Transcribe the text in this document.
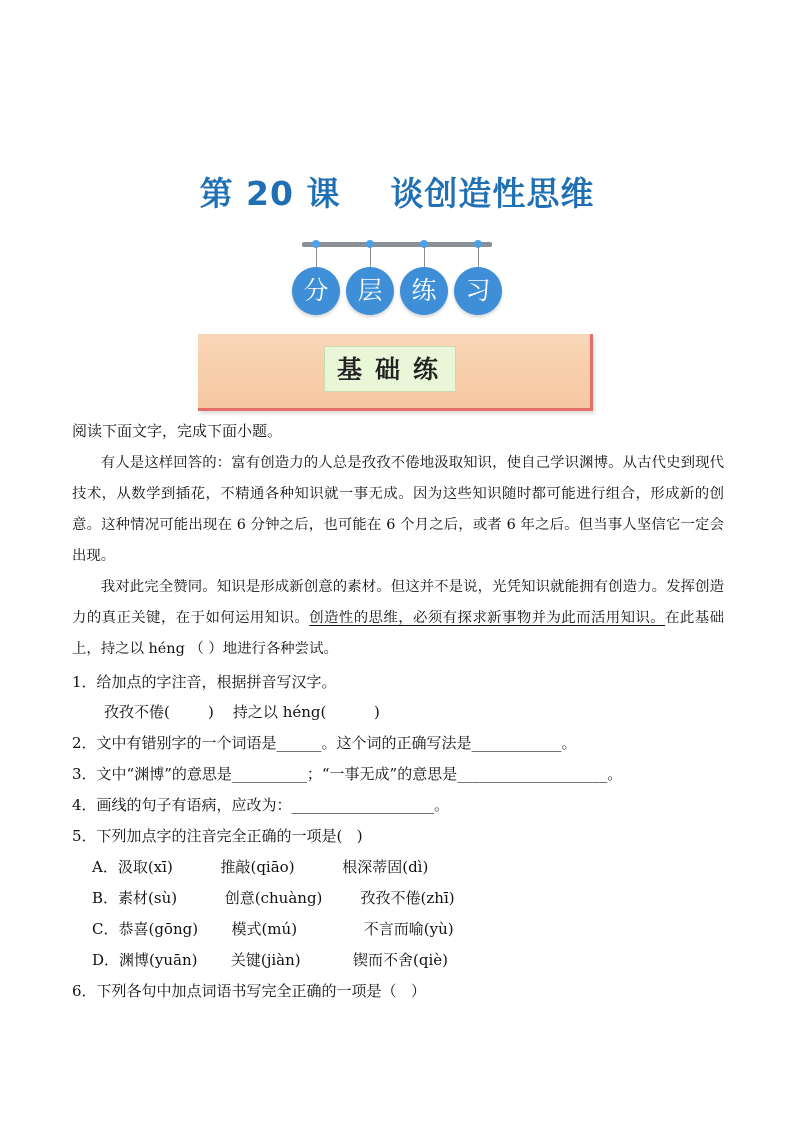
第 20 课    谈创造性思维
分	层	练	习
基础练
阅读下面文字，完成下面小题。
有人是这样回答的：富有创造力的人总是孜孜不倦地汲取知识，使自己学识渊博。从古代史到现代技术，从数学到插花，不精通各种知识就一事无成。因为这些知识随时都可能进行组合，形成新的创意。这种情况可能出现在 6 分钟之后，也可能在 6 个月之后，或者 6 年之后。但当事人坚信它一定会出现。
我对此完全赞同。知识是形成新创意的素材。但这并不是说，光凭知识就能拥有创造力。发挥创造力的真正关键，在于如何运用知识。创造性的思维，必须有探求新事物并为此而活用知识。在此基础上，持之以 héng （ ）地进行各种尝试。
1．给加点的字注音，根据拼音写汉字。
孜孜不倦(        )    持之以 héng(          )
2．文中有错别字的一个词语是______。这个词的正确写法是____________。
3．文中“渊博”的意思是__________；“一事无成”的意思是____________________。
4．画线的句子有语病，应改为：___________________。
5．下列加点字的注音完全正确的一项是(   )
A．汲取(xī)          推敲(qiāo)          根深蒂固(dì)
B．素材(sù)          创意(chuàng)        孜孜不倦(zhī)
C．恭喜(gōng)       模式(mú)              不言而喻(yù)
D．渊博(yuān)       关键(jiàn)           锲而不舍(qiè)
6．下列各句中加点词语书写完全正确的一项是（   ）
